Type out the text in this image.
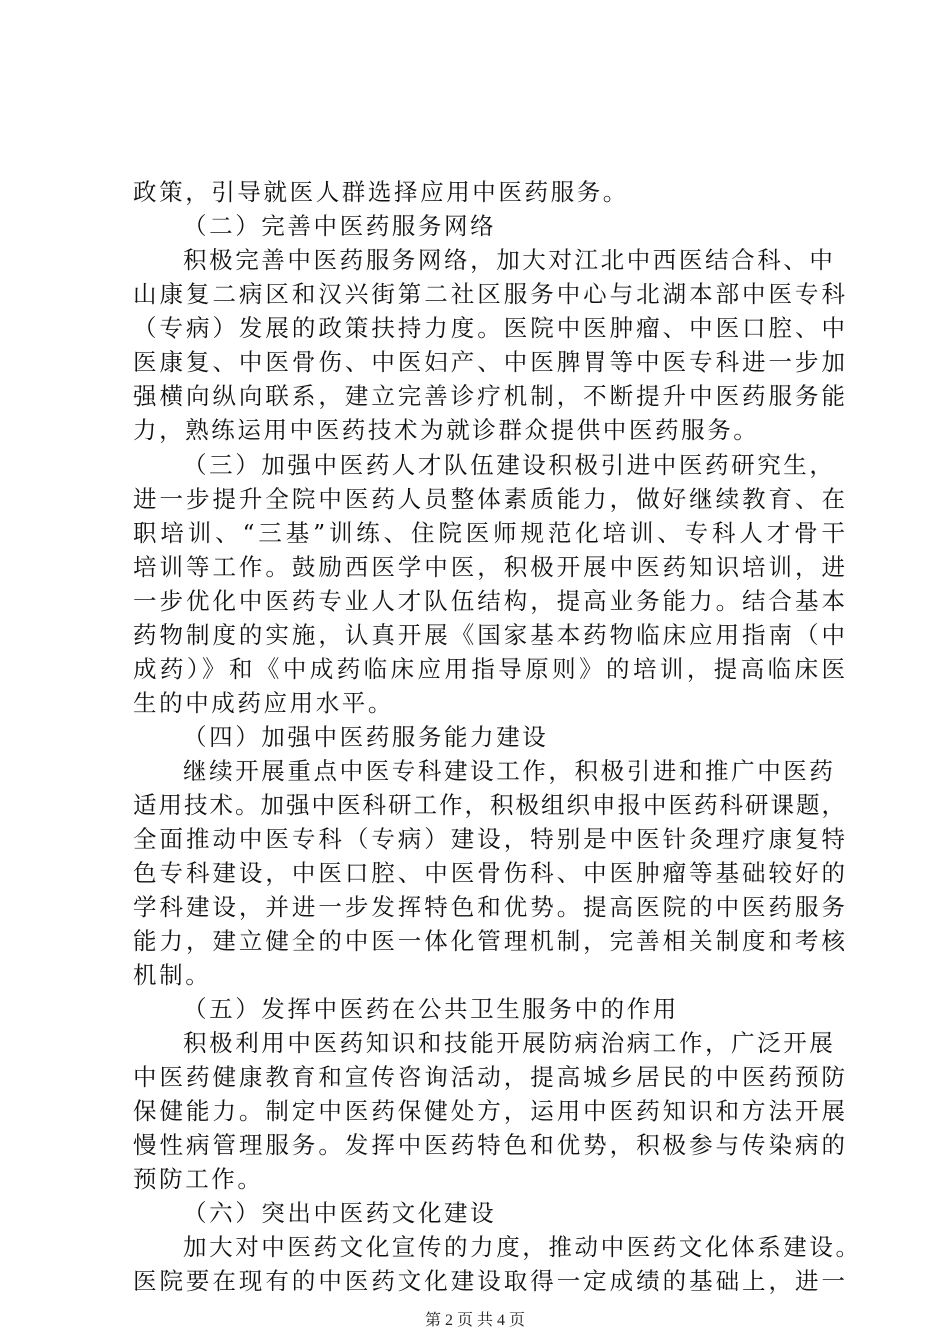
政策，引导就医人群选择应用中医药服务。
（二）完善中医药服务网络
积极完善中医药服务网络，加大对江北中西医结合科、中
山康复二病区和汉兴街第二社区服务中心与北湖本部中医专科
（专病）发展的政策扶持力度。医院中医肿瘤、中医口腔、中
医康复、中医骨伤、中医妇产、中医脾胃等中医专科进一步加
强横向纵向联系，建立完善诊疗机制，不断提升中医药服务能
力，熟练运用中医药技术为就诊群众提供中医药服务。
（三）加强中医药人才队伍建设积极引进中医药研究生，
进一步提升全院中医药人员整体素质能力，做好继续教育、在
职培训、“三基”训练、住院医师规范化培训、专科人才骨干
培训等工作。鼓励西医学中医，积极开展中医药知识培训，进
一步优化中医药专业人才队伍结构，提高业务能力。结合基本
药物制度的实施，认真开展《国家基本药物临床应用指南（中
成药）》和《中成药临床应用指导原则》的培训，提高临床医
生的中成药应用水平。
（四）加强中医药服务能力建设
继续开展重点中医专科建设工作，积极引进和推广中医药
适用技术。加强中医科研工作，积极组织申报中医药科研课题，
全面推动中医专科（专病）建设，特别是中医针灸理疗康复特
色专科建设，中医口腔、中医骨伤科、中医肿瘤等基础较好的
学科建设，并进一步发挥特色和优势。提高医院的中医药服务
能力，建立健全的中医一体化管理机制，完善相关制度和考核
机制。
（五）发挥中医药在公共卫生服务中的作用
积极利用中医药知识和技能开展防病治病工作，广泛开展
中医药健康教育和宣传咨询活动，提高城乡居民的中医药预防
保健能力。制定中医药保健处方，运用中医药知识和方法开展
慢性病管理服务。发挥中医药特色和优势，积极参与传染病的
预防工作。
（六）突出中医药文化建设
加大对中医药文化宣传的力度，推动中医药文化体系建设。
医院要在现有的中医药文化建设取得一定成绩的基础上，进一
第 2 页 共 4 页
